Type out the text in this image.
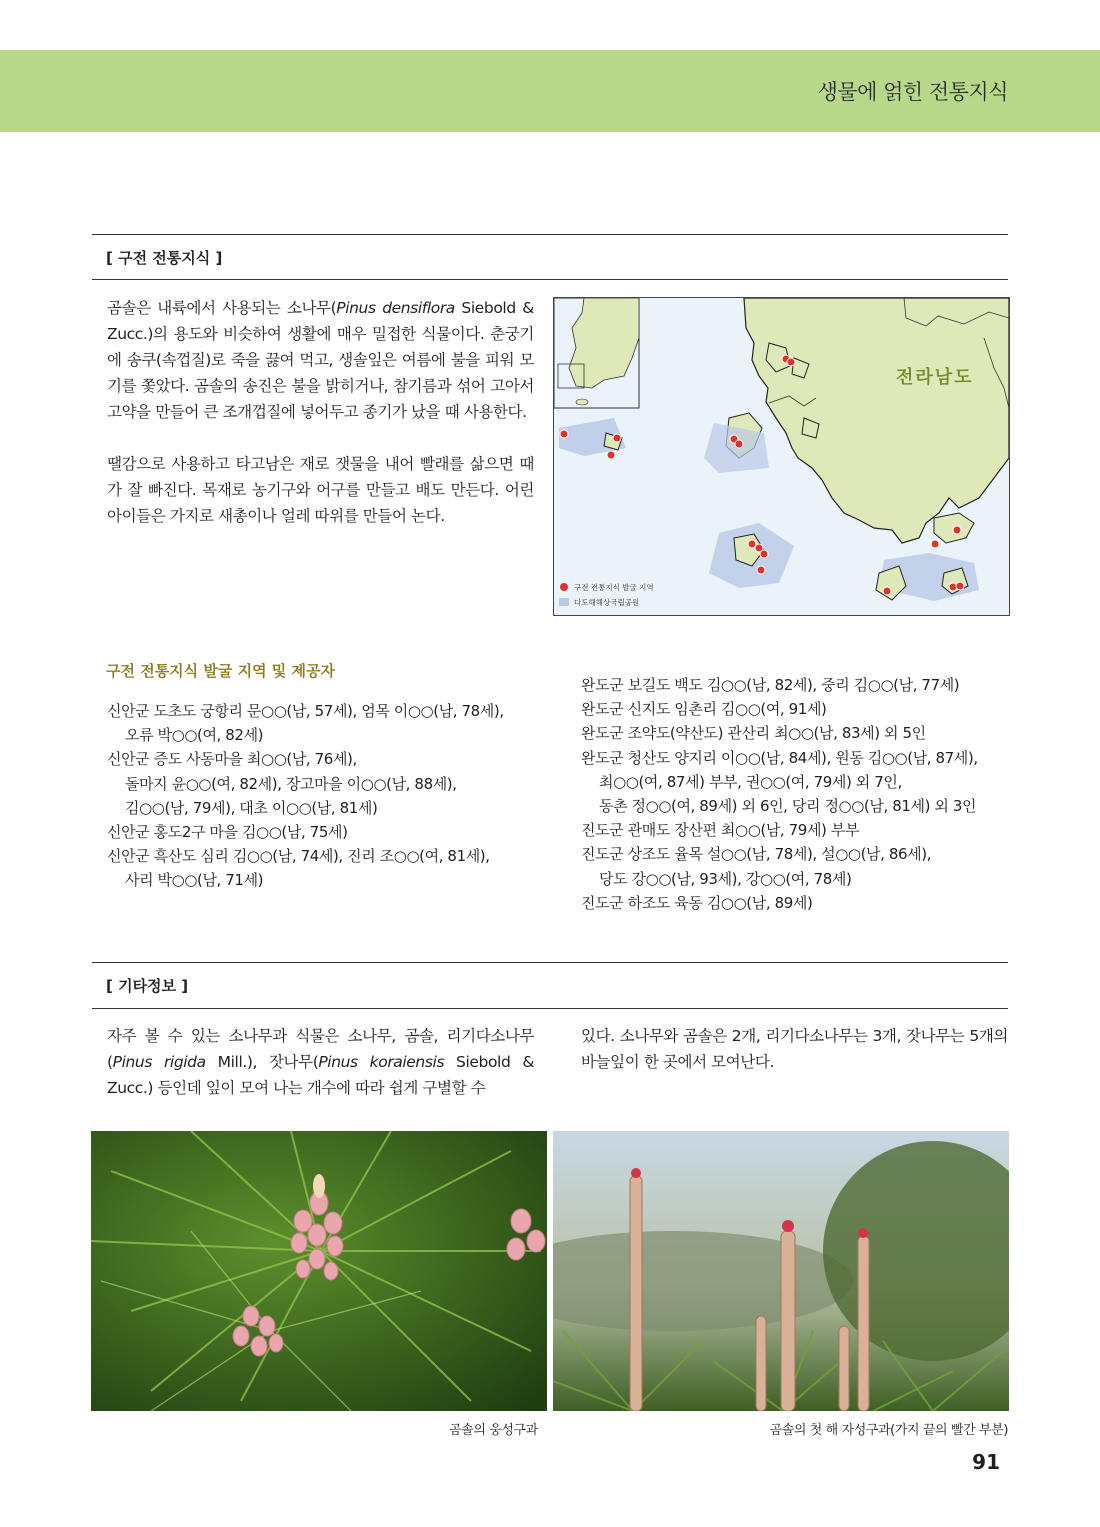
생물에 얽힌 전통지식
[ 구전 전통지식 ]

곰솔은 내륙에서 사용되는 소나무(Pinus densiflora Siebold & Zucc.)의 용도와 비슷하여 생활에 매우 밀접한 식물이다. 춘궁기에 송쿠(속껍질)로 죽을 끓여 먹고, 생솔잎은 여름에 불을 피워 모기를 쫓았다. 곰솔의 송진은 불을 밝히거나, 참기름과 섞어 고아서 고약을 만들어 큰 조개껍질에 넣어두고 종기가 났을 때 사용한다.

땔감으로 사용하고 타고남은 재로 잿물을 내어 빨래를 삶으면 때가 잘 빠진다. 목재로 농기구와 어구를 만들고 배도 만든다. 어린아이들은 가지로 새총이나 얼레 따위를 만들어 논다.

전라남도
구전 전통지식 발굴 지역
다도해해상국립공원
구전 전통지식 발굴 지역 및 제공자
신안군 도초도 궁항리 문○○(남, 57세), 엄목 이○○(남, 78세),
오류 박○○(여, 82세)
신안군 증도 사동마을 최○○(남, 76세),
돌마지 윤○○(여, 82세), 장고마을 이○○(남, 88세),
김○○(남, 79세), 대초 이○○(남, 81세)
신안군 홍도2구 마을 김○○(남, 75세)
신안군 흑산도 심리 김○○(남, 74세), 진리 조○○(여, 81세),
사리 박○○(남, 71세)
완도군 보길도 백도 김○○(남, 82세), 중리 김○○(남, 77세)
완도군 신지도 임촌리 김○○(여, 91세)
완도군 조약도(약산도) 관산리 최○○(남, 83세) 외 5인
완도군 청산도 양지리 이○○(남, 84세), 원동 김○○(남, 87세),
최○○(여, 87세) 부부, 권○○(여, 79세) 외 7인,
동촌 정○○(여, 89세) 외 6인, 당리 정○○(남, 81세) 외 3인
진도군 관매도 장산편 최○○(남, 79세) 부부
진도군 상조도 율목 설○○(남, 78세), 설○○(남, 86세),
당도 강○○(남, 93세), 강○○(여, 78세)
진도군 하조도 육동 김○○(남, 89세)
[ 기타정보 ]

자주 볼 수 있는 소나무과 식물은 소나무, 곰솔, 리기다소나무(Pinus rigida Mill.), 잣나무(Pinus koraiensis Siebold & Zucc.) 등인데 잎이 모여 나는 개수에 따라 쉽게 구별할 수

있다. 소나무와 곰솔은 2개, 리기다소나무는 3개, 잣나무는 5개의 바늘잎이 한 곳에서 모여난다.
곰솔의 웅성구과	곰솔의 첫 해 자성구과(가지 끝의 빨간 부분)
91
